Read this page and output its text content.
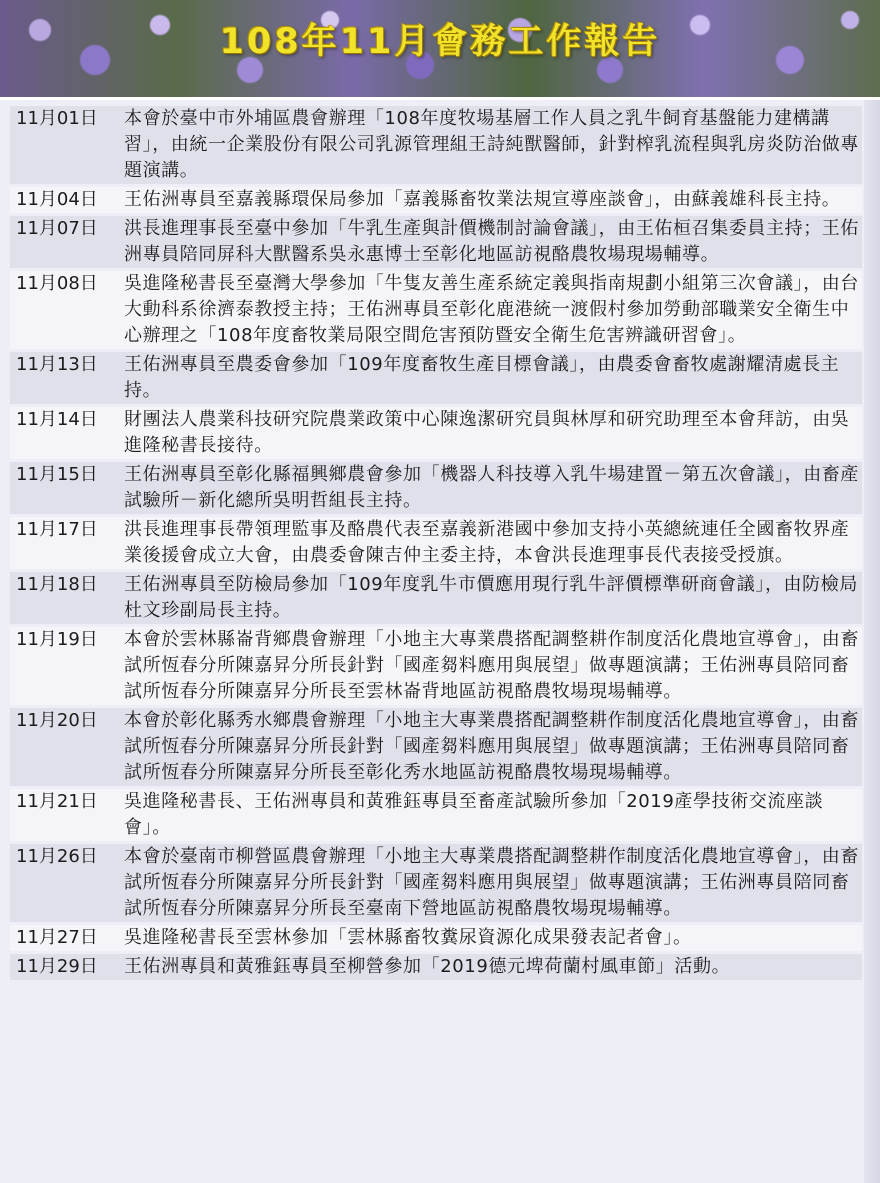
108年11月會務工作報告
11月01日	本會於臺中市外埔區農會辦理「108年度牧場基層工作人員之乳牛飼育基盤能力建構講習」，由統一企業股份有限公司乳源管理組王詩純獸醫師，針對榨乳流程與乳房炎防治做專題演講。
11月04日	王佑洲專員至嘉義縣環保局參加「嘉義縣畜牧業法規宣導座談會」，由蘇義雄科長主持。
11月07日	洪長進理事長至臺中參加「牛乳生產與計價機制討論會議」，由王佑桓召集委員主持；王佑洲專員陪同屏科大獸醫系吳永惠博士至彰化地區訪視酪農牧場現場輔導。
11月08日	吳進隆秘書長至臺灣大學參加「牛隻友善生產系統定義與指南規劃小組第三次會議」，由台大動科系徐濟泰教授主持；王佑洲專員至彰化鹿港統一渡假村參加勞動部職業安全衛生中心辦理之「108年度畜牧業局限空間危害預防暨安全衛生危害辨識研習會」。
11月13日	王佑洲專員至農委會參加「109年度畜牧生產目標會議」，由農委會畜牧處謝耀清處長主持。
11月14日	財團法人農業科技研究院農業政策中心陳逸潔研究員與林厚和研究助理至本會拜訪，由吳進隆秘書長接待。
11月15日	王佑洲專員至彰化縣福興鄉農會參加「機器人科技導入乳牛場建置－第五次會議」，由畜產試驗所－新化總所吳明哲組長主持。
11月17日	洪長進理事長帶領理監事及酪農代表至嘉義新港國中參加支持小英總統連任全國畜牧界產業後援會成立大會，由農委會陳吉仲主委主持，本會洪長進理事長代表接受授旗。
11月18日	王佑洲專員至防檢局參加「109年度乳牛市價應用現行乳牛評價標準研商會議」，由防檢局杜文珍副局長主持。
11月19日	本會於雲林縣崙背鄉農會辦理「小地主大專業農搭配調整耕作制度活化農地宣導會」，由畜試所恆春分所陳嘉昇分所長針對「國產芻料應用與展望」做專題演講；王佑洲專員陪同畜試所恆春分所陳嘉昇分所長至雲林崙背地區訪視酪農牧場現場輔導。
11月20日	本會於彰化縣秀水鄉農會辦理「小地主大專業農搭配調整耕作制度活化農地宣導會」，由畜試所恆春分所陳嘉昇分所長針對「國產芻料應用與展望」做專題演講；王佑洲專員陪同畜試所恆春分所陳嘉昇分所長至彰化秀水地區訪視酪農牧場現場輔導。
11月21日	吳進隆秘書長、王佑洲專員和黃雅鈺專員至畜產試驗所參加「2019產學技術交流座談會」。
11月26日	本會於臺南市柳營區農會辦理「小地主大專業農搭配調整耕作制度活化農地宣導會」，由畜試所恆春分所陳嘉昇分所長針對「國產芻料應用與展望」做專題演講；王佑洲專員陪同畜試所恆春分所陳嘉昇分所長至臺南下營地區訪視酪農牧場現場輔導。
11月27日	吳進隆秘書長至雲林參加「雲林縣畜牧糞尿資源化成果發表記者會」。
11月29日	王佑洲專員和黃雅鈺專員至柳營參加「2019德元埤荷蘭村風車節」活動。
